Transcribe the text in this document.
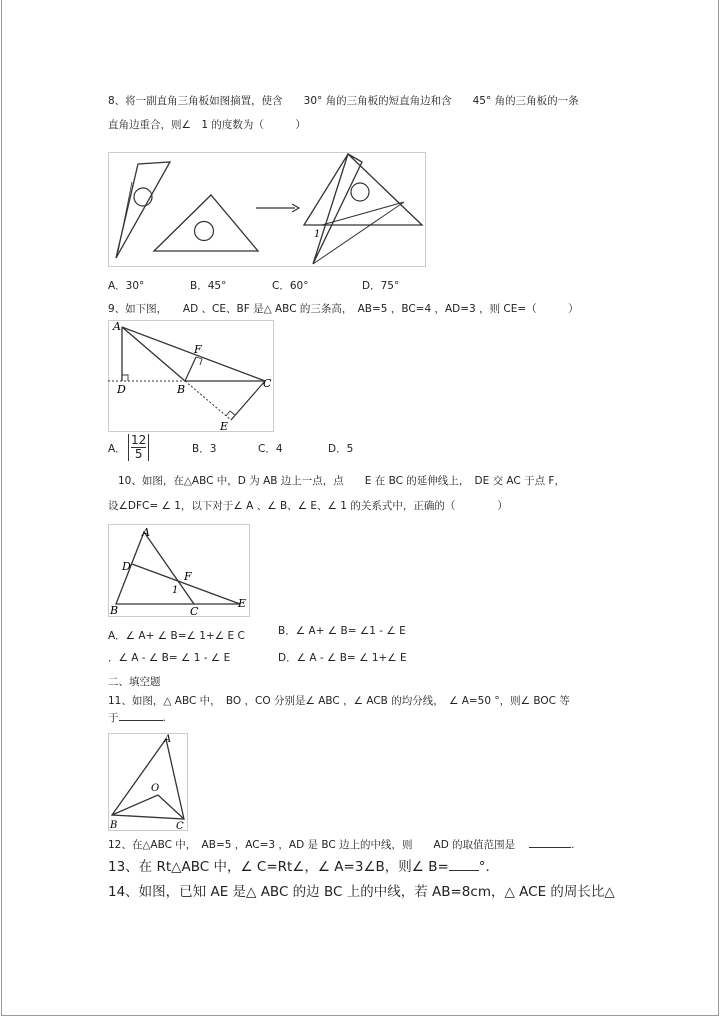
8、将一副直角三角板如图摘置，使含　　30° 角的三角板的短直角边和含　　45° 角的三角板的一条
直角边重合，则∠　1 的度数为（　　　）
1
A．30°	B．45°	C．60°	D．75°
9、如下图，　　AD 、CE、BF 是△ ABC 的三条高，　AB=5 ，BC=4 ，AD=3 ，则 CE=（　　　）
A
D	B	C
F
E
A． $\frac{12}{5}$	B．3	C．4	D．5
10、如图，在△ABC 中，D 为 AB 边上一点，点　　E 在 BC 的延伸线上，　DE 交 AC 于点 F，
设∠DFC= ∠ 1，以下对于∠ A 、∠ B、∠ E、∠ 1 的关系式中，正确的（　　　　）
A
D
F
1
B	C
E
A．∠ A+ ∠ B=∠ 1+∠ E C	B．∠ A+ ∠ B= ∠1 - ∠ E
．∠ A - ∠ B= ∠ 1 - ∠ E	D．∠ A - ∠ B= ∠ 1+∠ E
二、填空题
11、如图，△ ABC 中，　BO ，CO 分别是∠ ABC ，∠ ACB 的均分线，　∠ A=50 °，则∠ BOC 等
于	.
A
O
B	C
12、在△ABC 中，　AB=5 ，AC=3 ，AD 是 BC 边上的中线，则　　AD 的取值范围是	.
13、在 Rt△ABC 中，∠ C=Rt∠，∠ A=3∠B，则∠ B= °.
14、如图，已知 AE 是△ ABC 的边 BC 上的中线，若 AB=8cm，△ ACE 的周长比△
